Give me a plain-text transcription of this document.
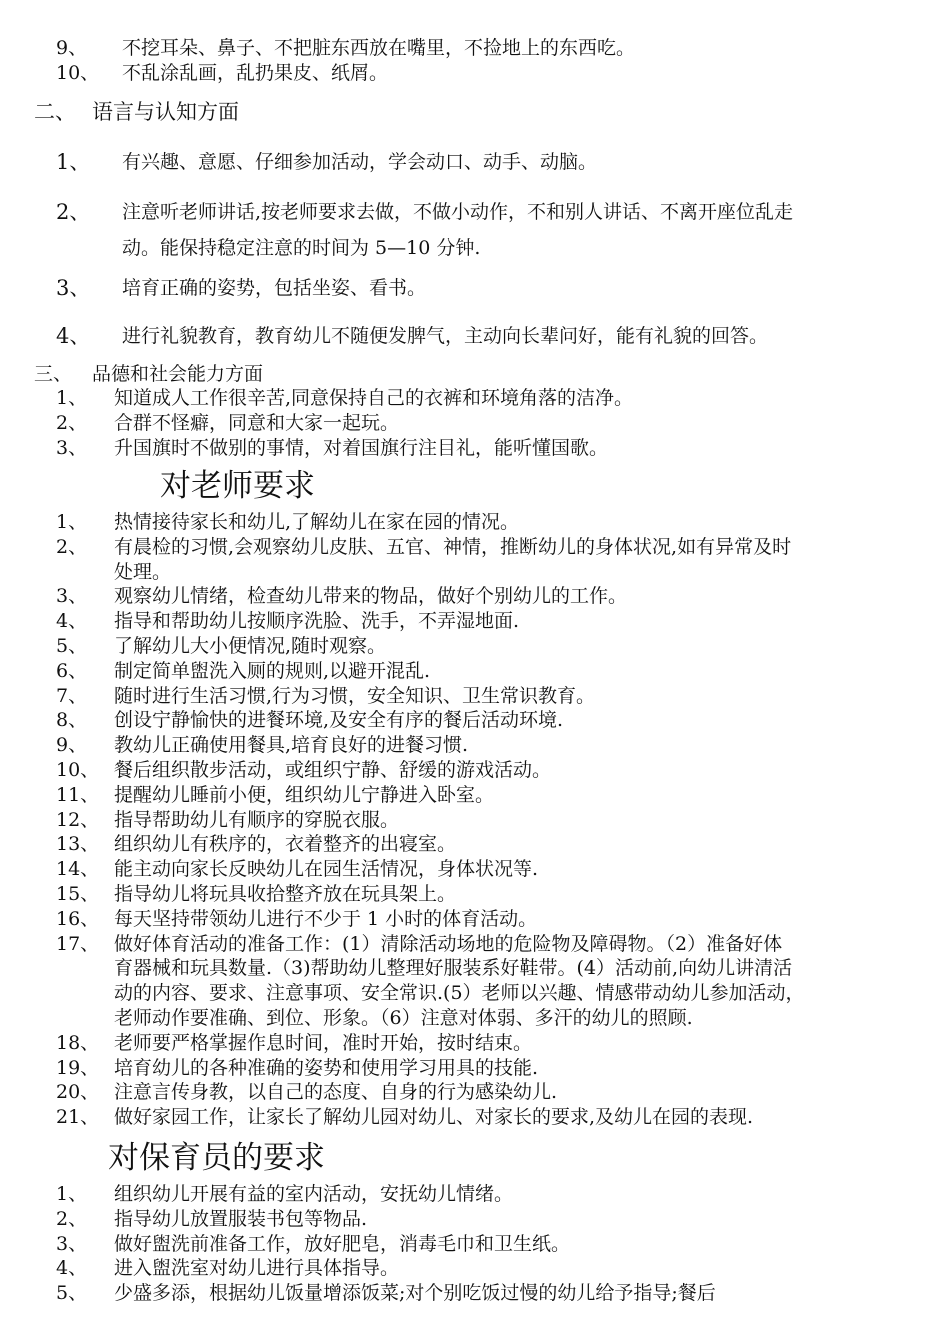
9、 不挖耳朵、鼻子、不把脏东西放在嘴里，不捡地上的东西吃。
10、 不乱涂乱画，乱扔果皮、纸屑。
二、 语言与认知方面
1、 有兴趣、意愿、仔细参加活动，学会动口、动手、动脑。
2、 注意听老师讲话,按老师要求去做，不做小动作，不和别人讲话、不离开座位乱走
动。能保持稳定注意的时间为 5—10 分钟.
3、 培育正确的姿势，包括坐姿、看书。
4、 进行礼貌教育，教育幼儿不随便发脾气，主动向长辈问好，能有礼貌的回答。
三、 品德和社会能力方面
1、 知道成人工作很辛苦,同意保持自己的衣裤和环境角落的洁净。
2、 合群不怪癖，同意和大家一起玩。
3、 升国旗时不做别的事情，对着国旗行注目礼，能听懂国歌。
对老师要求
1、 热情接待家长和幼儿,了解幼儿在家在园的情况。
2、 有晨检的习惯,会观察幼儿皮肤、五官、神情，推断幼儿的身体状况,如有异常及时
处理。
3、 观察幼儿情绪，检查幼儿带来的物品，做好个别幼儿的工作。
4、 指导和帮助幼儿按顺序洗脸、洗手，不弄湿地面.
5、 了解幼儿大小便情况,随时观察。
6、 制定简单盥洗入厕的规则,以避开混乱.
7、 随时进行生活习惯,行为习惯，安全知识、卫生常识教育。
8、 创设宁静愉快的进餐环境,及安全有序的餐后活动环境.
9、 教幼儿正确使用餐具,培育良好的进餐习惯.
10、 餐后组织散步活动，或组织宁静、舒缓的游戏活动。
11、 提醒幼儿睡前小便，组织幼儿宁静进入卧室。
12、 指导帮助幼儿有顺序的穿脱衣服。
13、 组织幼儿有秩序的，衣着整齐的出寝室。
14、 能主动向家长反映幼儿在园生活情况，身体状况等.
15、 指导幼儿将玩具收拾整齐放在玩具架上。
16、 每天坚持带领幼儿进行不少于 1 小时的体育活动。
17、 做好体育活动的准备工作：(1）清除活动场地的危险物及障碍物。（2）准备好体
育器械和玩具数量.（3)帮助幼儿整理好服装系好鞋带。(4）活动前,向幼儿讲清活
动的内容、要求、注意事项、安全常识.(5）老师以兴趣、情感带动幼儿参加活动，
老师动作要准确、到位、形象。（6）注意对体弱、多汗的幼儿的照顾.
18、 老师要严格掌握作息时间，准时开始，按时结束。
19、 培育幼儿的各种准确的姿势和使用学习用具的技能.
20、 注意言传身教，以自己的态度、自身的行为感染幼儿.
21、 做好家园工作，让家长了解幼儿园对幼儿、对家长的要求,及幼儿在园的表现.
对保育员的要求
1、 组织幼儿开展有益的室内活动，安抚幼儿情绪。
2、 指导幼儿放置服装书包等物品.
3、 做好盥洗前准备工作，放好肥皂，消毒毛巾和卫生纸。
4、 进入盥洗室对幼儿进行具体指导。
5、 少盛多添，根据幼儿饭量增添饭菜;对个别吃饭过慢的幼儿给予指导;餐后
